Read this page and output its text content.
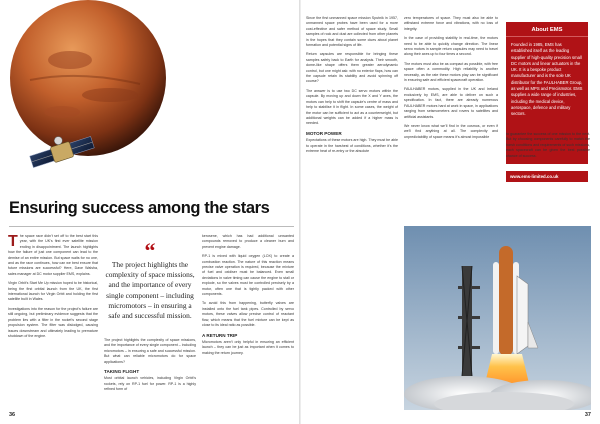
Ensuring success among the stars

The space race didn’t set off to the best start this year, with the UK’s first ever satellite mission ending in disappointment. The launch highlights how the failure of just one component can lead to the demise of an entire mission. But space waits for no one, and as the race continues, how can we best ensure that future missions are successful? Here, Dave Walsha, sales manager at DC motor supplier EMS, explains.

Virgin Orbit’s Start Me Up mission hoped to be historical, being the first orbital launch from the UK, the first international launch for Virgin Orbit and holding the first satellite built in Wales.

Investigations into the reason for the project’s failure are still ongoing, but preliminary evidence suggests that the problem lies with a filter in the rocket’s second stage propulsion system. The filter was dislodged, causing issues downstream and ultimately leading to premature shutdown of the engine.

“
The project highlights the complexity of space missions, and the importance of every single component – including micromotors – in ensuring a safe and successful mission.

The project highlights the complexity of space missions, and the importance of every single component – including micromotors – in ensuring a safe and successful mission. But what can reliable micromotors do for space applications?

TAKING FLIGHT

Most orbital launch vehicles, including Virgin Orbit’s rockets, rely on RP-1 fuel for power. RP-1 is a highly refined form of

kerosene, which has had additional unwanted compounds removed to produce a cleaner burn and prevent engine damage.

RP-1 is mixed with liquid oxygen (LOX) to create a combustion reaction. The nature of this reaction means precise valve operation is required, because the mixture of fuel and oxidiser must be balanced. Even small deviations in valve timing can cause the engine to stall or explode, so the valves must be controlled precisely by a motor, often one that is tightly packed with other components.

To avoid this from happening, butterfly valves are installed onto the fuel tank pipes. Controlled by servo motors, these valves allow precise control of reactant flow, which means that the fuel mixture can be kept as close to its ideal ratio as possible.

A RETURN TRIP

Micromotors aren’t only helpful in ensuring an efficient launch – they can be just as important when it comes to making the return journey.

36

Since the first unmanned space mission Sputnik in 1957, unmanned space probes have been used for a more cost-effective and safer method of space study. Small samples of rock and dust are collected from other planets in the hopes that they contain some clues about planet formation and potential signs of life.

Return capsules are responsible for bringing these samples safely back to Earth for analysis. Their smooth, dome-like shape offers them greater aerodynamic control, but one might ask: with no exterior flaps, how can the capsule retain its stability and avoid spinning off course?

The answer is to use two DC servo motors within the capsule. By moving up and down the X and Y axes, the motors can help to shift the capsule’s centre of mass and help to stabilise it in flight. In some cases, the weight of the motor can be sufficient to act as a counterweight, but additional weights can be added if a higher mass is needed.

MOTOR POWER

Expectations of these motors are high. They must be able to operate in the harshest of conditions, whether it’s the extreme heat of re-entry or the absolute

zero temperatures of space. They must also be able to withstand extreme force and vibrations, with no loss of integrity.

In the case of providing stability in real-time, the motors need to be able to quickly change direction. The linear servo motors in sample return capsules may need to travel along their axes up to four times a second.

The motors must also be as compact as possible, with free space often a commodity. High reliability is another necessity, as the rate these motors play can be significant in ensuring safe and efficient spacecraft operation.

FAULHABER motors, supplied in the UK and Ireland exclusively by EMS, are able to deliver on such a specification. In fact, there are already numerous FAULHABER motors hard at work in space, in applications ranging from seismometers and rovers to satellites and artificial assistants.

We never know what we’ll find in the cosmos, or even if we’ll find anything at all. The complexity and unpredictability of space means it’s almost impossible

About EMS
Founded in 1985, EMS has established itself as the leading supplier of high-quality precision small DC motors and linear actuators in the UK. It is a bespoke product manufacturer and is the sole UK distributor for the FAULHABER Group, as well as MPS and Precismotor. EMS supplies a wide range of industries, including the medical device, aerospace, defence and military sectors.

to guarantee the success of one mission to the next. But by choosing components carefully to match the harsh conditions and requirements of such missions, each spacecraft can be given the best possible chance of success.

www.ems-limited.co.uk
37
